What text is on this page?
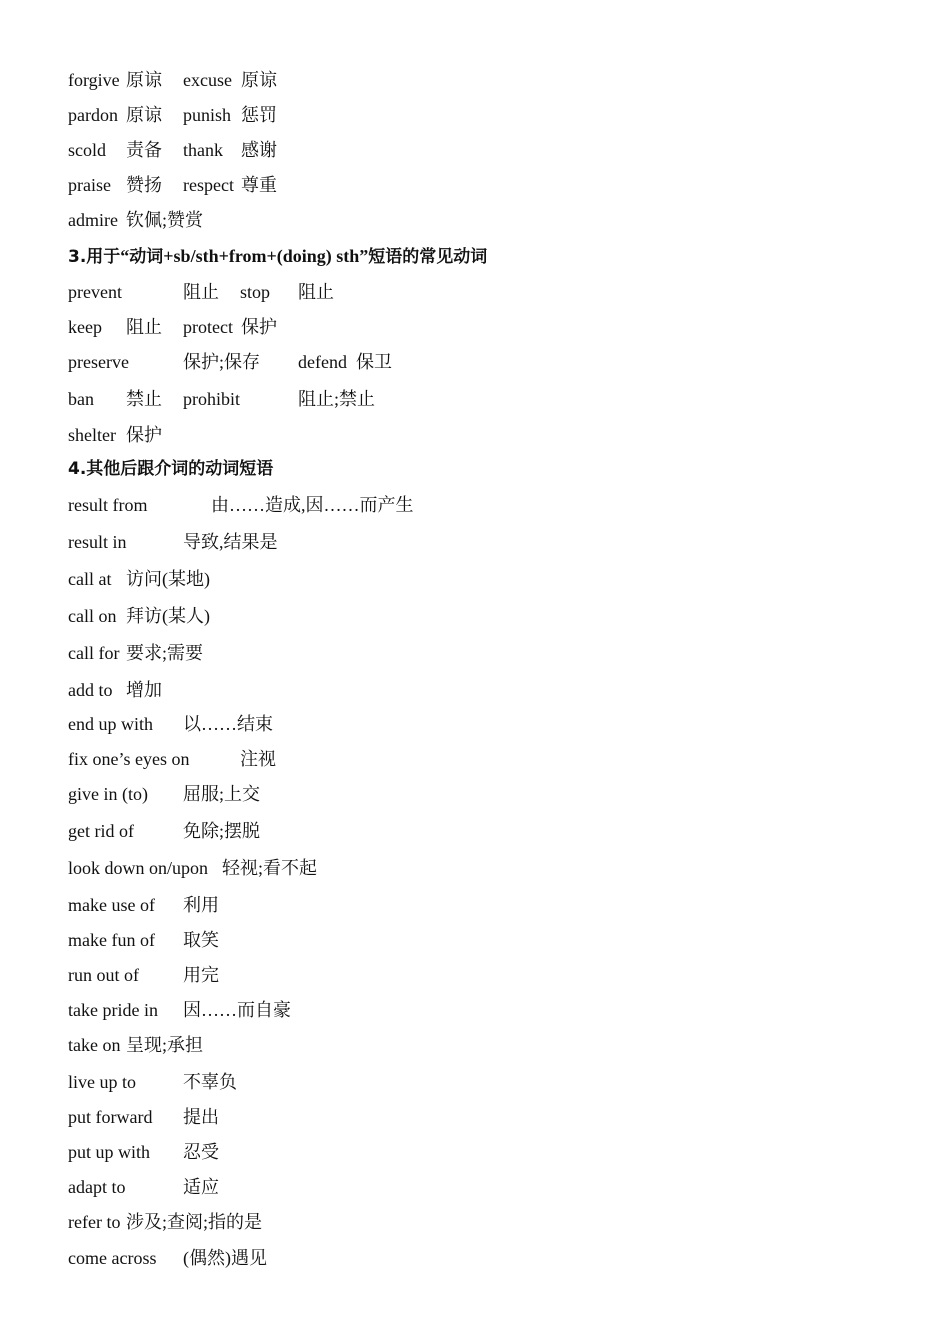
forgive 原谅 excuse 原谅
pardon 原谅 punish 惩罚
scold 责备 thank 感谢
praise 赞扬 respect 尊重
admire 钦佩;赞赏
3.用于“动词+sb/sth+from+(doing) sth”短语的常见动词
prevent	阻止 stop 阻止
keep 阻止 protect 保护
preserve	保护;保存 defend 保卫
ban 禁止 prohibit	阻止;禁止
shelter 保护
4.其他后跟介词的动词短语
result from	由……造成,因……而产生
result in	导致,结果是
call at 访问(某地)
call on 拜访(某人)
call for 要求;需要
add to 增加
end up with 以……结束
fix one’s eyes on	注视
give in (to) 屈服;上交
get rid of	免除;摆脱
look down on/upon 轻视;看不起
make use of 利用
make fun of 取笑
run out of 用完
take pride in 因……而自豪
take on 呈现;承担
live up to	不辜负
put forward 提出
put up with 忍受
adapt to	适应
refer to 涉及;查阅;指的是
come across (偶然)遇见
